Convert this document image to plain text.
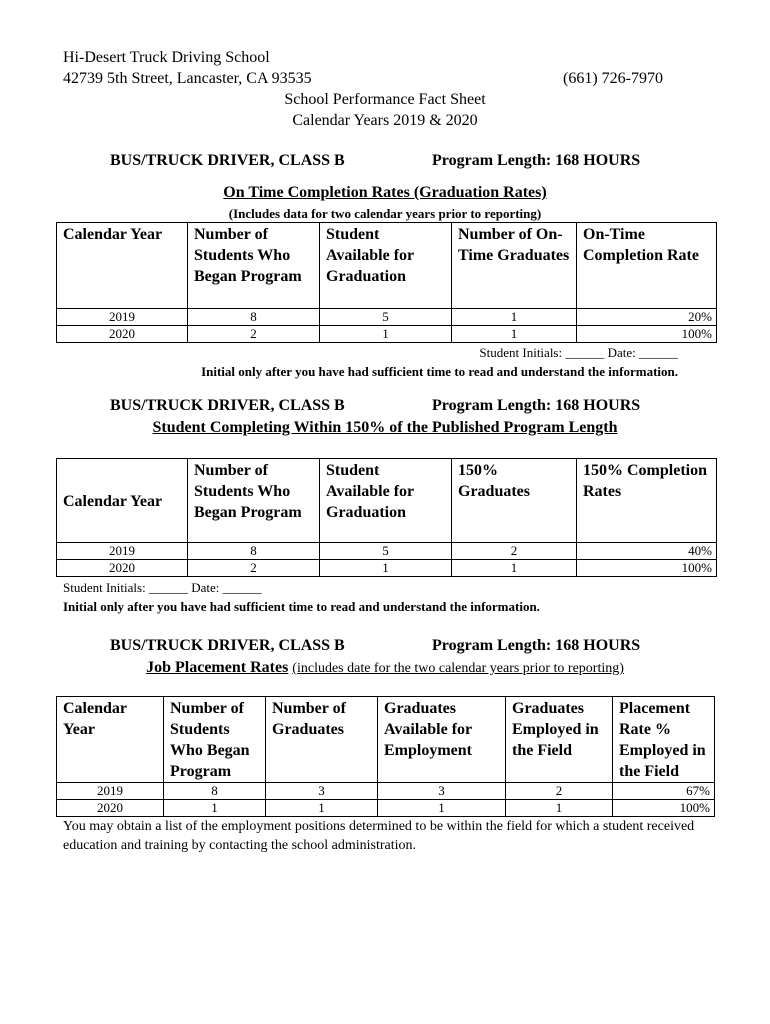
Hi-Desert Truck Driving School
42739 5th Street, Lancaster, CA 93535	(661) 726-7970
School Performance Fact Sheet
Calendar Years 2019 & 2020
BUS/TRUCK DRIVER, CLASS B	Program Length: 168 HOURS
On Time Completion Rates (Graduation Rates)
(Includes data for two calendar years prior to reporting)
Calendar Year	Number of Students Who Began Program	Student Available for Graduation	Number of On-Time Graduates	On-Time Completion Rate
2019	8	5	1	20%
2020	2	1	1	100%
Student Initials: ______ Date: ______
Initial only after you have had sufficient time to read and understand the information.
BUS/TRUCK DRIVER, CLASS B	Program Length: 168 HOURS
Student Completing Within 150% of the Published Program Length
Calendar Year	Number of Students Who Began Program	Student Available for Graduation	150% Graduates	150% Completion Rates
2019	8	5	2	40%
2020	2	1	1	100%
Student Initials: ______ Date: ______
Initial only after you have had sufficient time to read and understand the information.
BUS/TRUCK DRIVER, CLASS B	Program Length: 168 HOURS
Job Placement Rates (includes date for the two calendar years prior to reporting)
Calendar Year	Number of Students Who Began Program	Number of Graduates	Graduates Available for Employment	Graduates Employed in the Field	Placement Rate % Employed in the Field
2019	8	3	3	2	67%
2020	1	1	1	1	100%
You may obtain a list of the employment positions determined to be within the field for which a student received education and training by contacting the school administration.
